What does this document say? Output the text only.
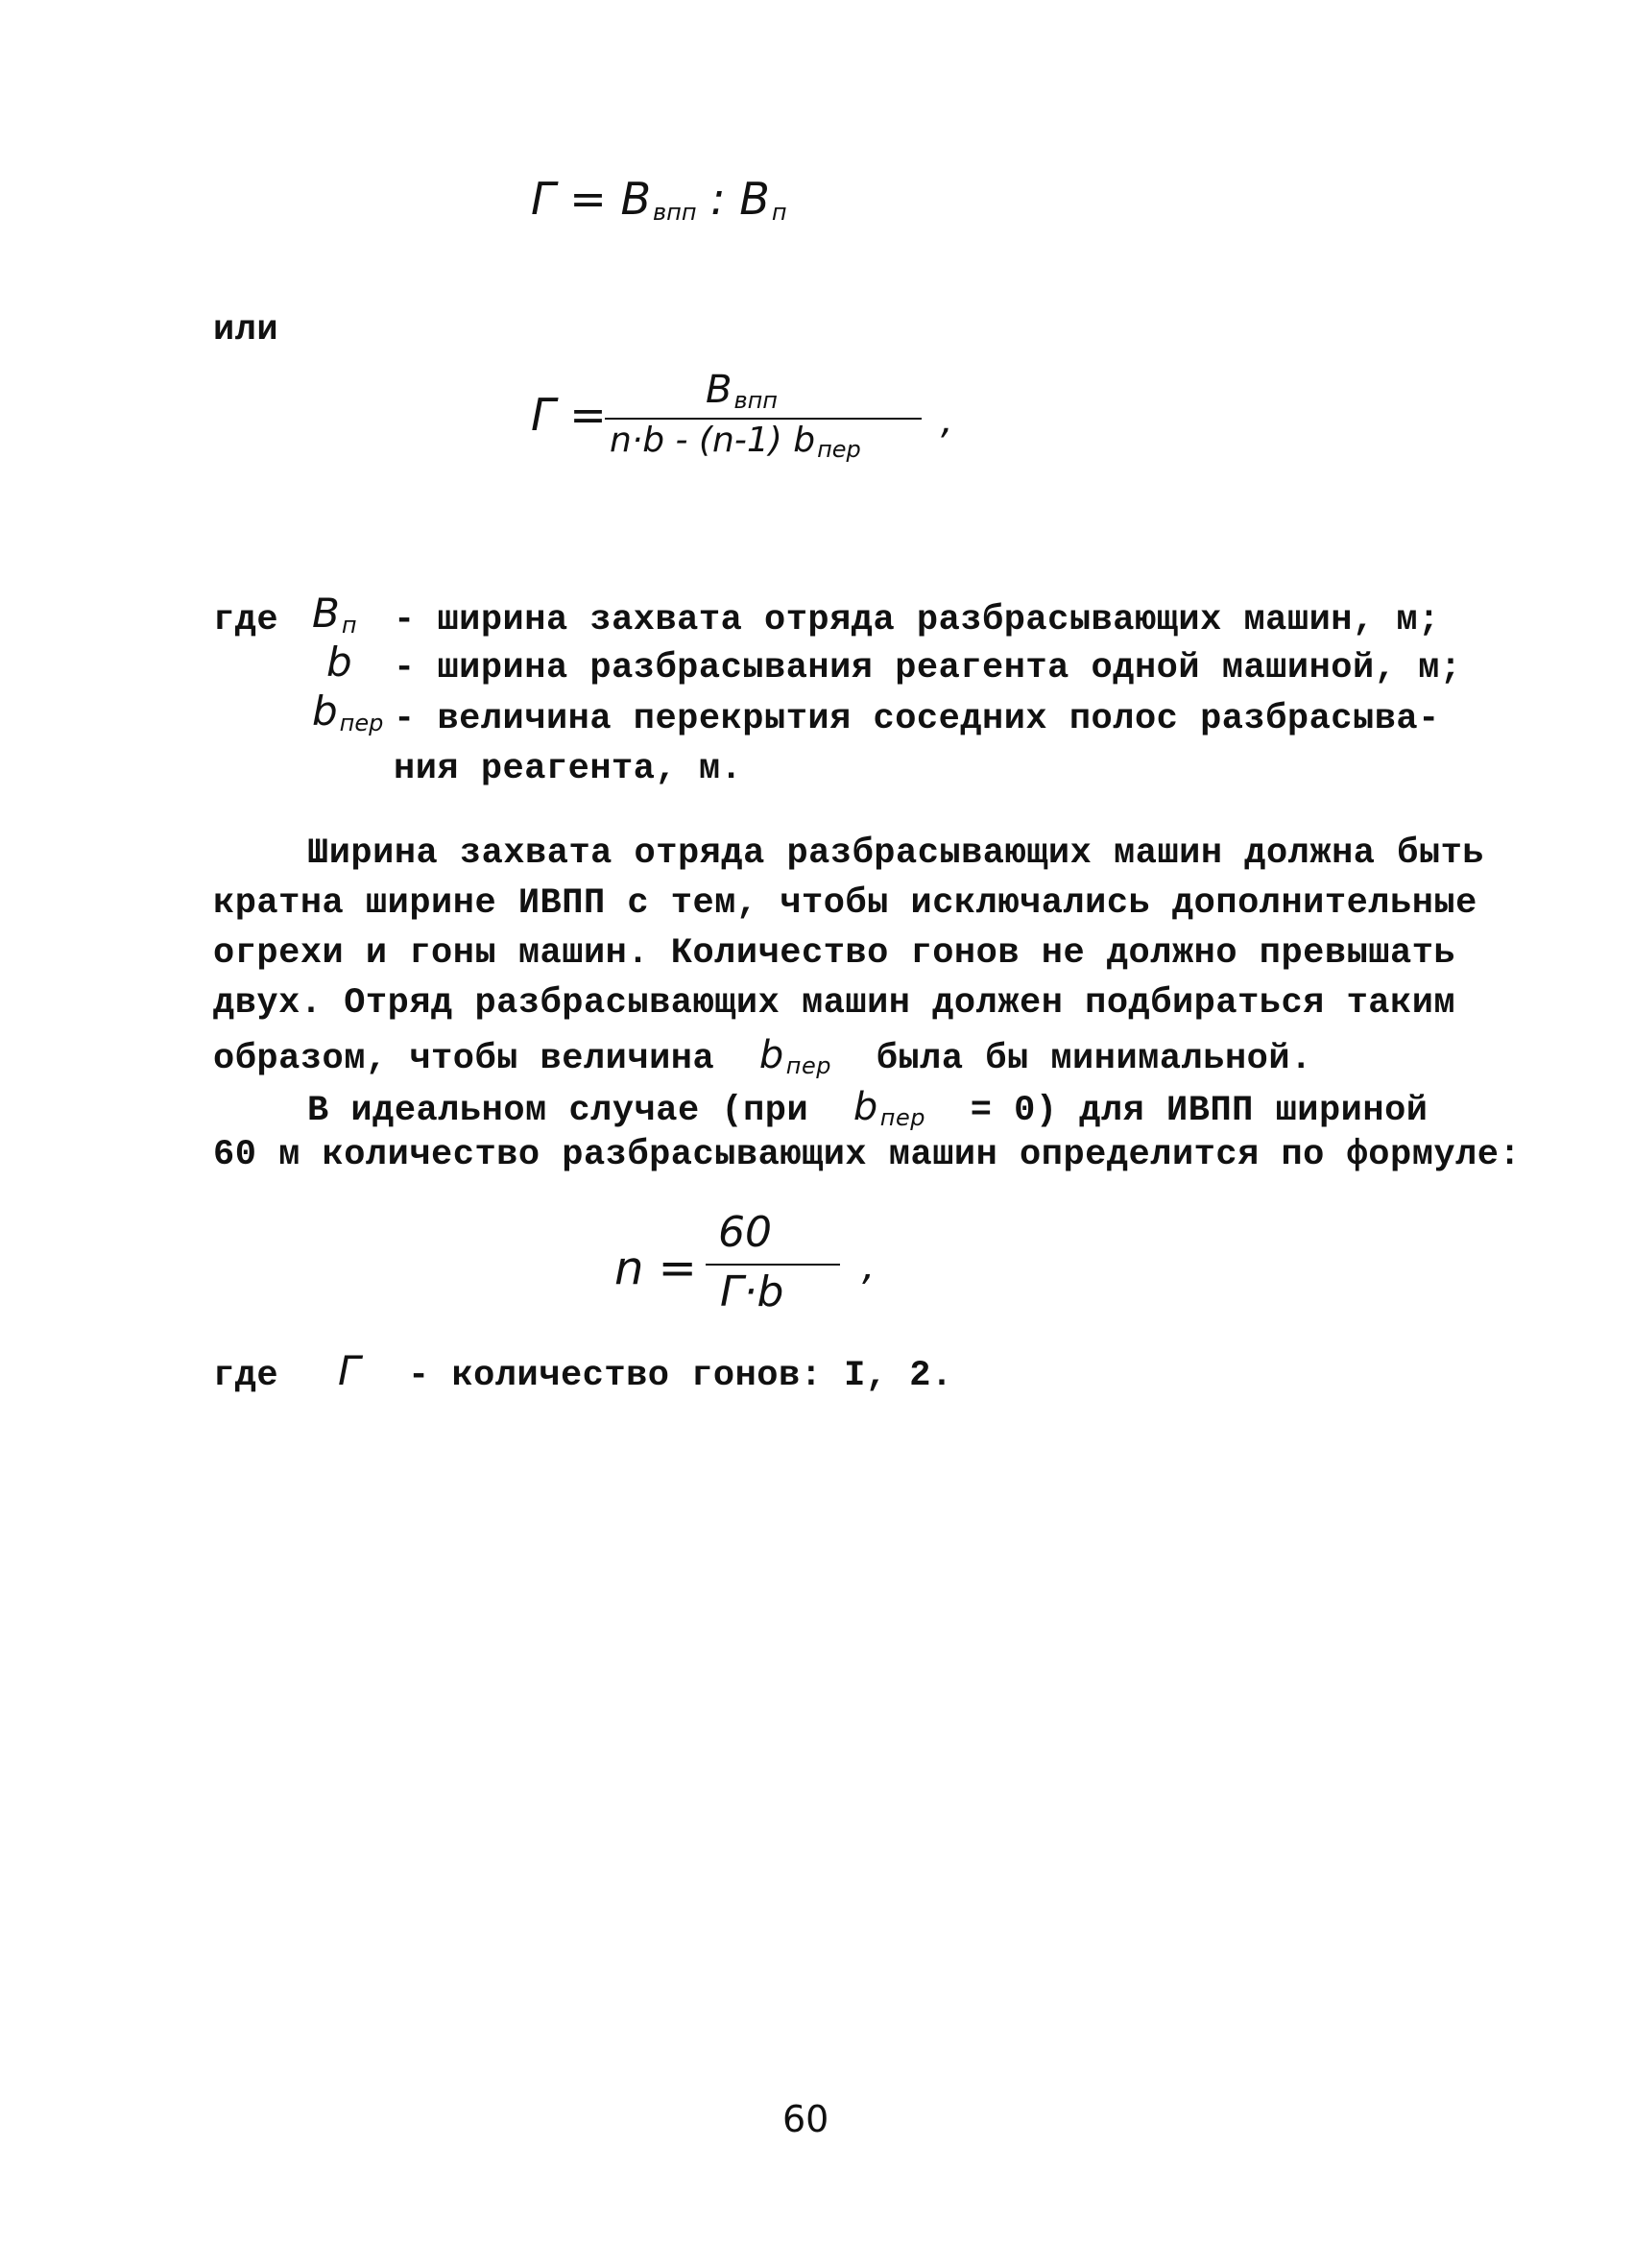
$Г = B_{впп}$ : $B_п$
или
Г =	$B_{впп}$
n·b - (n-1) $b_{пер}$
,
где $B_п$ - ширина захвата отряда разбрасывающих машин, м;
b - ширина разбрасывания реагента одной машиной, м;
$b_{пер}$ - величина перекрытия соседних полос разбрасыва-
ния реагента, м.
Ширина захвата отряда разбрасывающих машин должна быть
кратна ширине ИВПП с тем, чтобы исключались дополнительные
огрехи и гоны машин. Количество гонов не должно превышать
двух. Отряд разбрасывающих машин должен подбираться таким
образом, чтобы величина $b_{пер}$ была бы минимальной.
В идеальном случае (при $b_{пер} = 0$) для ИВПП шириной
60 м количество разбрасывающих машин определится по формуле:
n =
60
Г·b
,
где Г - количество гонов: I, 2.
60
